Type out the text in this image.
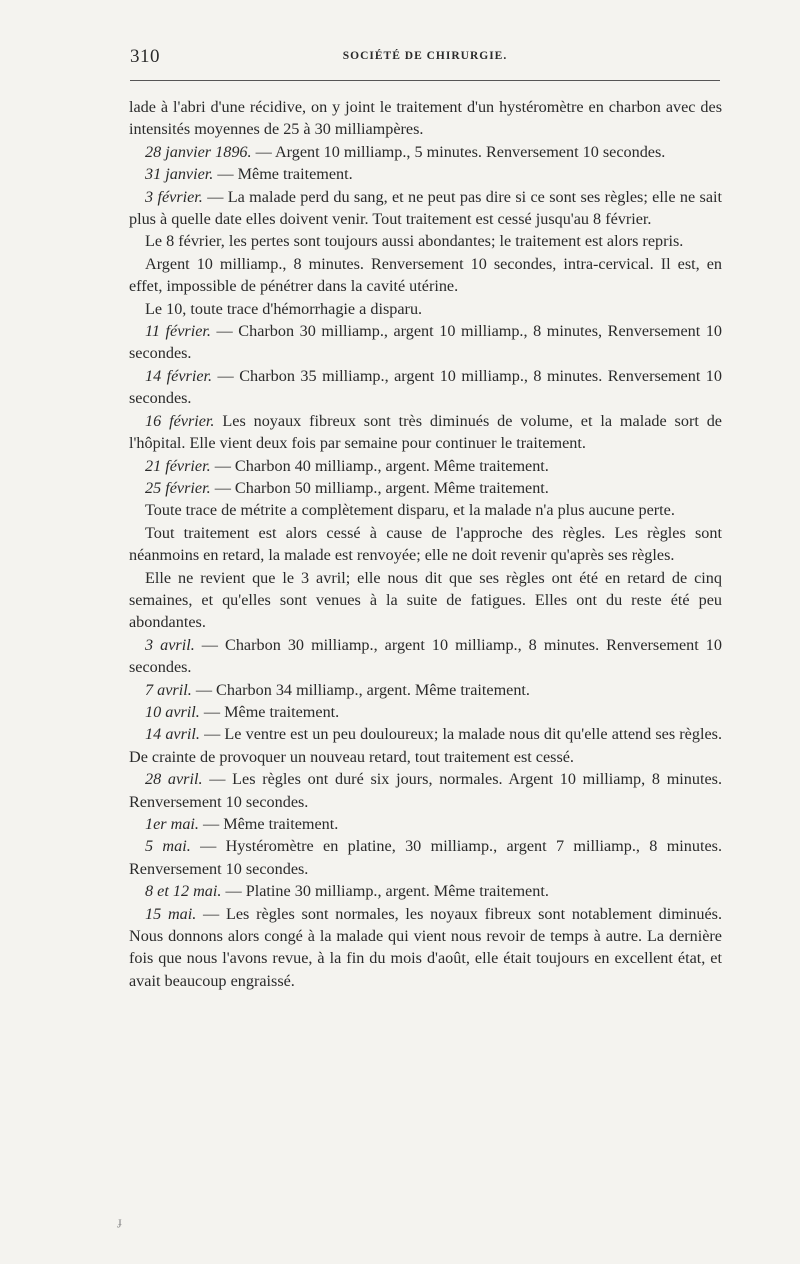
310	SOCIÉTÉ DE CHIRURGIE.

lade à l'abri d'une récidive, on y joint le traitement d'un hystéromètre en charbon avec des intensités moyennes de 25 à 30 milliampères.

28 janvier 1896. — Argent 10 milliamp., 5 minutes. Renversement 10 secondes.

31 janvier. — Même traitement.

3 février. — La malade perd du sang, et ne peut pas dire si ce sont ses règles; elle ne sait plus à quelle date elles doivent venir. Tout traitement est cessé jusqu'au 8 février.

Le 8 février, les pertes sont toujours aussi abondantes; le traitement est alors repris.

Argent 10 milliamp., 8 minutes. Renversement 10 secondes, intra-cervical. Il est, en effet, impossible de pénétrer dans la cavité utérine.

Le 10, toute trace d'hémorrhagie a disparu.

11 février. — Charbon 30 milliamp., argent 10 milliamp., 8 minutes, Renversement 10 secondes.

14 février. — Charbon 35 milliamp., argent 10 milliamp., 8 minutes. Renversement 10 secondes.

16 février. Les noyaux fibreux sont très diminués de volume, et la malade sort de l'hôpital. Elle vient deux fois par semaine pour continuer le traitement.

21 février. — Charbon 40 milliamp., argent. Même traitement.

25 février. — Charbon 50 milliamp., argent. Même traitement.

Toute trace de métrite a complètement disparu, et la malade n'a plus aucune perte.

Tout traitement est alors cessé à cause de l'approche des règles. Les règles sont néanmoins en retard, la malade est renvoyée; elle ne doit revenir qu'après ses règles.

Elle ne revient que le 3 avril; elle nous dit que ses règles ont été en retard de cinq semaines, et qu'elles sont venues à la suite de fatigues. Elles ont du reste été peu abondantes.

3 avril. — Charbon 30 milliamp., argent 10 milliamp., 8 minutes. Renversement 10 secondes.

7 avril. — Charbon 34 milliamp., argent. Même traitement.

10 avril. — Même traitement.

14 avril. — Le ventre est un peu douloureux; la malade nous dit qu'elle attend ses règles. De crainte de provoquer un nouveau retard, tout traitement est cessé.

28 avril. — Les règles ont duré six jours, normales. Argent 10 milliamp, 8 minutes. Renversement 10 secondes.

1er mai. — Même traitement.

5 mai. — Hystéromètre en platine, 30 milliamp., argent 7 milliamp., 8 minutes. Renversement 10 secondes.

8 et 12 mai. — Platine 30 milliamp., argent. Même traitement.

15 mai. — Les règles sont normales, les noyaux fibreux sont notablement diminués. Nous donnons alors congé à la malade qui vient nous revoir de temps à autre. La dernière fois que nous l'avons revue, à la fin du mois d'août, elle était toujours en excellent état, et avait beaucoup engraissé.

ɟ
